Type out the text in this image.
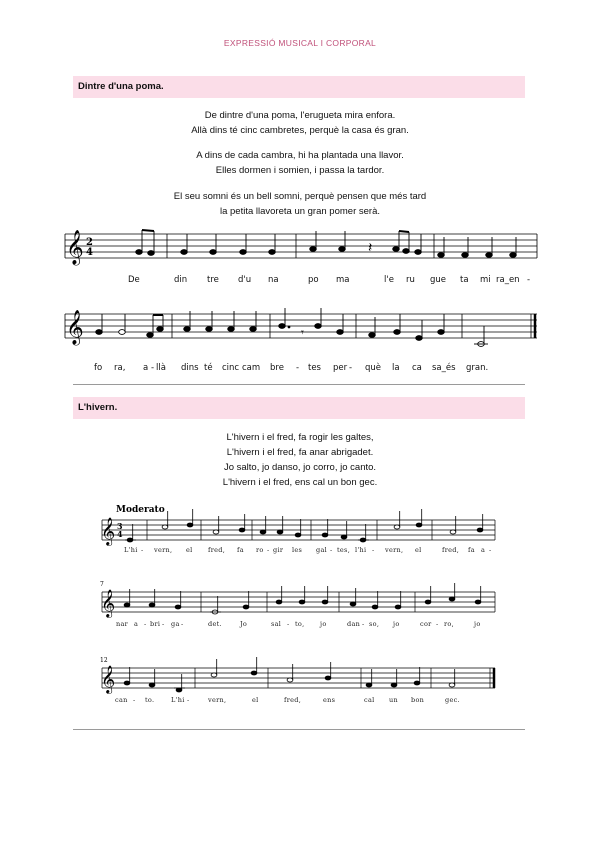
EXPRESSIÓ MUSICAL I CORPORAL
Dintre d'una poma.
De dintre d'una poma, l'erugueta mira enfora.
Allà dins té cinc cambretes, perquè la casa és gran.
A dins de cada cambra, hi ha plantada una llavor.
Elles dormen i somien, i passa la tardor.
El seu somni és un bell somni, perquè pensen que més tard
la petita llavoreta un gran pomer serà.
𝄞 2
4	𝄽
De	din tre d'u na	po ma	l'e ru gue ta mi ra_en -
𝄞	𝄾
fo ra, a - llà dins té cinc cam bre - tes per - què la ca sa_és gran.
L'hivern.
L'hivern i el fred, fa rogir les galtes,
L'hivern i el fred, fa anar abrigadet.
Jo salto, jo danso, jo corro, jo canto.
L'hivern i el fred, ens cal un bon gec.
Moderato
𝄞 3
4
L'hi - vern, el fred, fa ro - gir les gal - tes, l'hi - vern, el	fred, fa a -
7
𝄞
nar a - bri - ga -	det.	Jo	sal - to, jo	dan - so, jo	cor - ro,	jo
12
𝄞
can - to.	L'hi -	vern,	el	fred,	ens	cal un bon	gec.
